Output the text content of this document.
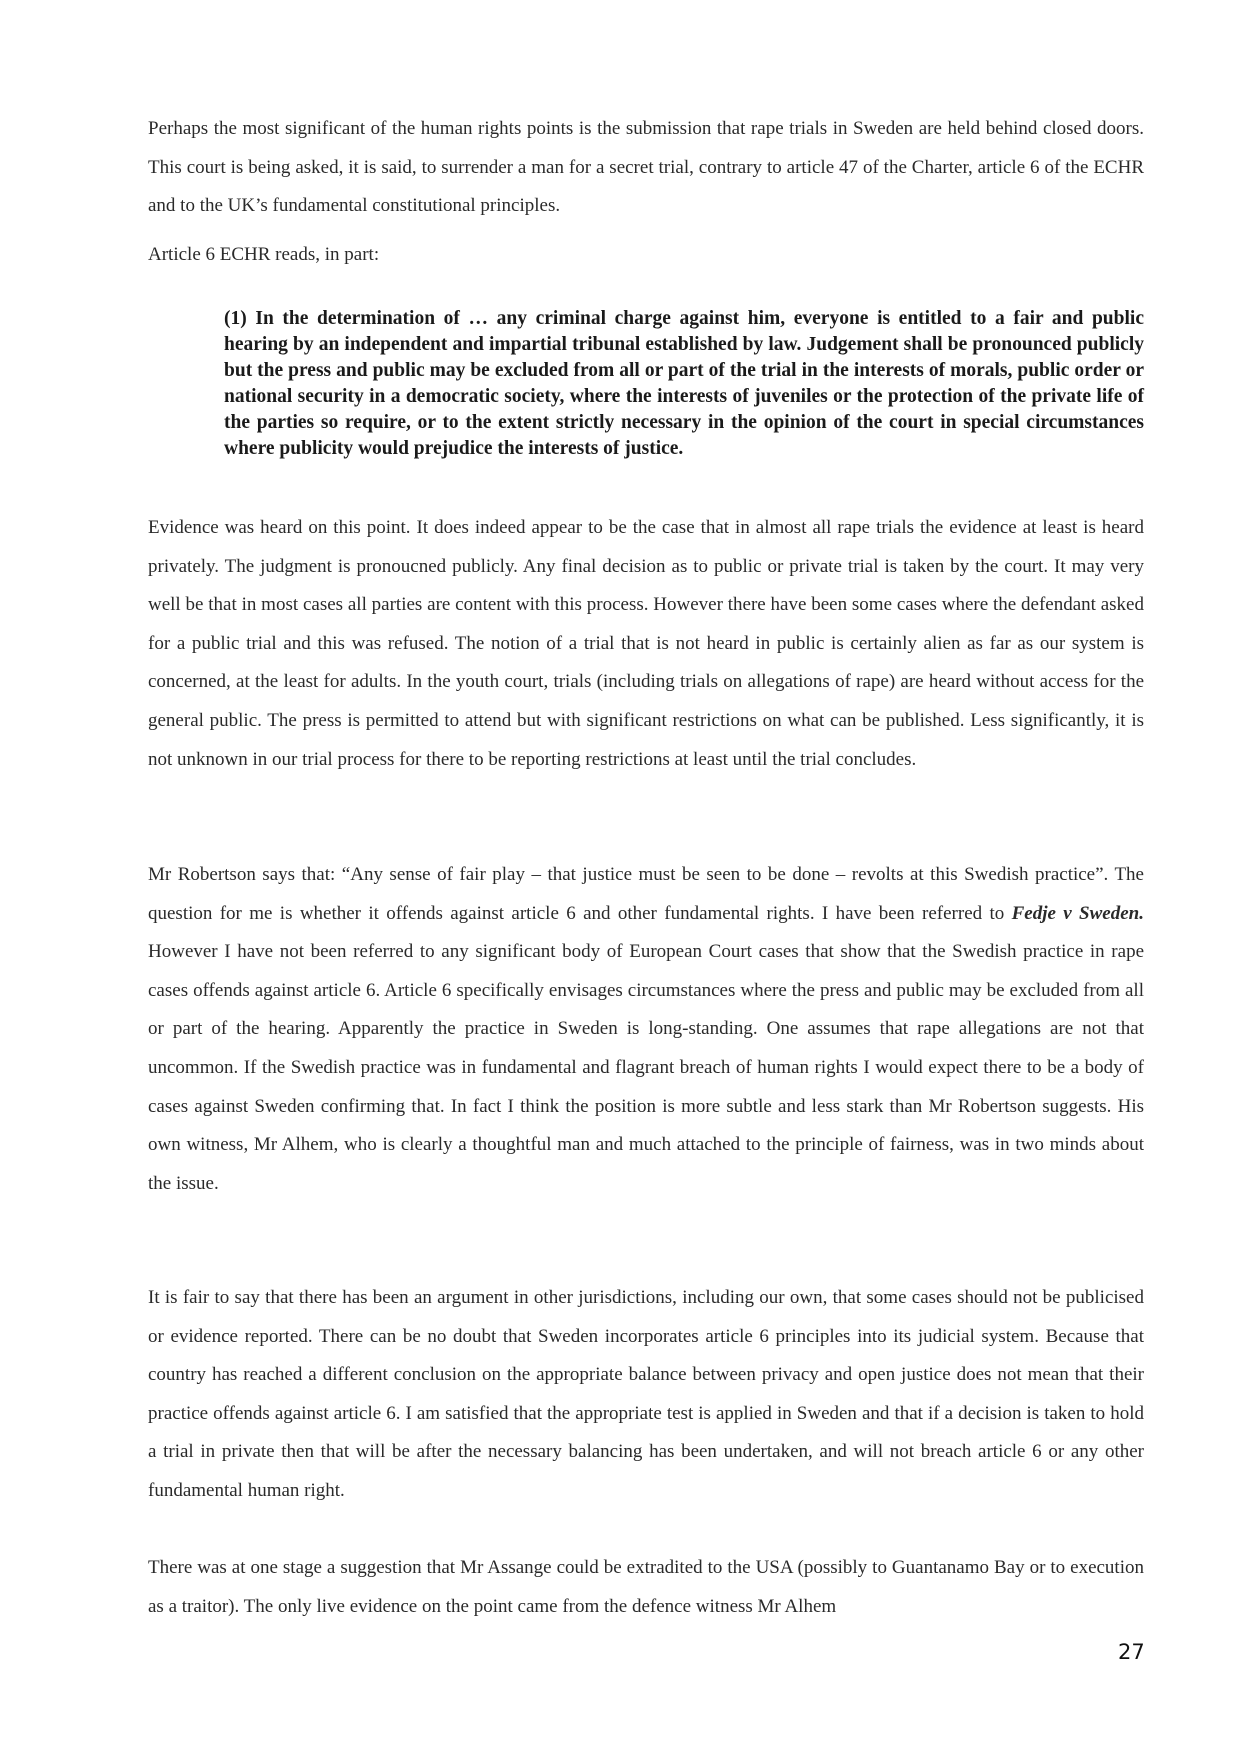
Perhaps the most significant of the human rights points is the submission that rape trials in Sweden are held behind closed doors. This court is being asked, it is said, to surrender a man for a secret trial, contrary to article 47 of the Charter, article 6 of the ECHR and to the UK’s fundamental constitutional principles.

Article 6 ECHR reads, in part:

(1) In the determination of … any criminal charge against him, everyone is entitled to a fair and public hearing by an independent and impartial tribunal established by law. Judgement shall be pronounced publicly but the press and public may be excluded from all or part of the trial in the interests of morals, public order or national security in a democratic society, where the interests of juveniles or the protection of the private life of the parties so require, or to the extent strictly necessary in the opinion of the court in special circumstances where publicity would prejudice the interests of justice.

Evidence was heard on this point. It does indeed appear to be the case that in almost all rape trials the evidence at least is heard privately. The judgment is pronoucned publicly. Any final decision as to public or private trial is taken by the court. It may very well be that in most cases all parties are content with this process. However there have been some cases where the defendant asked for a public trial and this was refused. The notion of a trial that is not heard in public is certainly alien as far as our system is concerned, at the least for adults. In the youth court, trials (including trials on allegations of rape) are heard without access for the general public. The press is permitted to attend but with significant restrictions on what can be published. Less significantly, it is not unknown in our trial process for there to be reporting restrictions at least until the trial concludes.

Mr Robertson says that: “Any sense of fair play – that justice must be seen to be done – revolts at this Swedish practice”. The question for me is whether it offends against article 6 and other fundamental rights. I have been referred to Fedje v Sweden. However I have not been referred to any significant body of European Court cases that show that the Swedish practice in rape cases offends against article 6. Article 6 specifically envisages circumstances where the press and public may be excluded from all or part of the hearing. Apparently the practice in Sweden is long-standing. One assumes that rape allegations are not that uncommon. If the Swedish practice was in fundamental and flagrant breach of human rights I would expect there to be a body of cases against Sweden confirming that. In fact I think the position is more subtle and less stark than Mr Robertson suggests. His own witness, Mr Alhem, who is clearly a thoughtful man and much attached to the principle of fairness, was in two minds about the issue.

It is fair to say that there has been an argument in other jurisdictions, including our own, that some cases should not be publicised or evidence reported. There can be no doubt that Sweden incorporates article 6 principles into its judicial system. Because that country has reached a different conclusion on the appropriate balance between privacy and open justice does not mean that their practice offends against article 6. I am satisfied that the appropriate test is applied in Sweden and that if a decision is taken to hold a trial in private then that will be after the necessary balancing has been undertaken, and will not breach article 6 or any other fundamental human right.

There was at one stage a suggestion that Mr Assange could be extradited to the USA (possibly to Guantanamo Bay or to execution as a traitor). The only live evidence on the point came from the defence witness Mr Alhem

27
